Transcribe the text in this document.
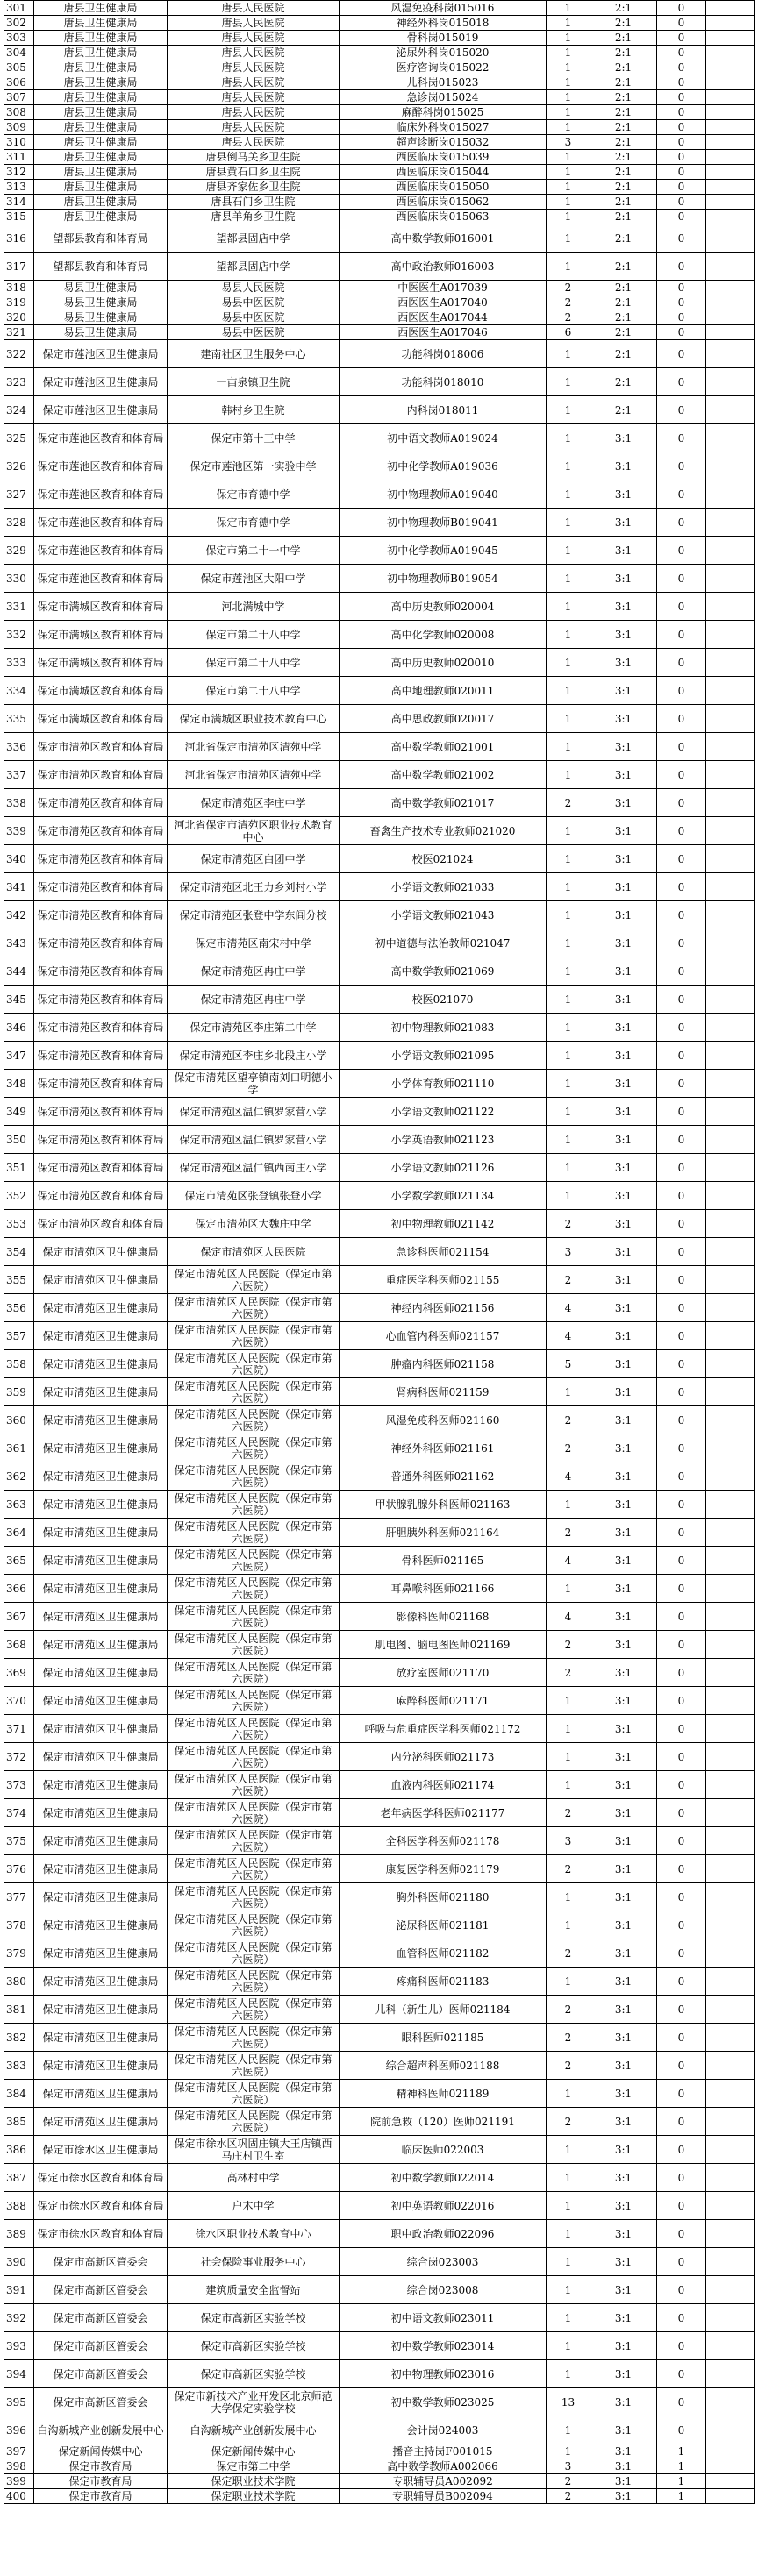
301	唐县卫生健康局	唐县人民医院	风湿免疫科岗015016	1	2:1	0	
302	唐县卫生健康局	唐县人民医院	神经外科岗015018	1	2:1	0	
303	唐县卫生健康局	唐县人民医院	骨科岗015019	1	2:1	0	
304	唐县卫生健康局	唐县人民医院	泌尿外科岗015020	1	2:1	0	
305	唐县卫生健康局	唐县人民医院	医疗咨询岗015022	1	2:1	0	
306	唐县卫生健康局	唐县人民医院	儿科岗015023	1	2:1	0	
307	唐县卫生健康局	唐县人民医院	急诊岗015024	1	2:1	0	
308	唐县卫生健康局	唐县人民医院	麻醉科岗015025	1	2:1	0	
309	唐县卫生健康局	唐县人民医院	临床外科岗015027	1	2:1	0	
310	唐县卫生健康局	唐县人民医院	超声诊断岗015032	3	2:1	0	
311	唐县卫生健康局	唐县倒马关乡卫生院	西医临床岗015039	1	2:1	0	
312	唐县卫生健康局	唐县黄石口乡卫生院	西医临床岗015044	1	2:1	0	
313	唐县卫生健康局	唐县齐家佐乡卫生院	西医临床岗015050	1	2:1	0	
314	唐县卫生健康局	唐县石门乡卫生院	西医临床岗015062	1	2:1	0	
315	唐县卫生健康局	唐县羊角乡卫生院	西医临床岗015063	1	2:1	0	
316	望都县教育和体育局	望都县固店中学	高中数学教师016001	1	2:1	0	
317	望都县教育和体育局	望都县固店中学	高中政治教师016003	1	2:1	0	
318	易县卫生健康局	易县人民医院	中医医生A017039	2	2:1	0	
319	易县卫生健康局	易县中医医院	西医医生A017040	2	2:1	0	
320	易县卫生健康局	易县中医医院	西医医生A017044	2	2:1	0	
321	易县卫生健康局	易县中医医院	西医医生A017046	6	2:1	0	
322	保定市莲池区卫生健康局	建南社区卫生服务中心	功能科岗018006	1	2:1	0	
323	保定市莲池区卫生健康局	一亩泉镇卫生院	功能科岗018010	1	2:1	0	
324	保定市莲池区卫生健康局	韩村乡卫生院	内科岗018011	1	2:1	0	
325	保定市莲池区教育和体育局	保定市第十三中学	初中语文教师A019024	1	3:1	0	
326	保定市莲池区教育和体育局	保定市莲池区第一实验中学	初中化学教师A019036	1	3:1	0	
327	保定市莲池区教育和体育局	保定市育德中学	初中物理教师A019040	1	3:1	0	
328	保定市莲池区教育和体育局	保定市育德中学	初中物理教师B019041	1	3:1	0	
329	保定市莲池区教育和体育局	保定市第二十一中学	初中化学教师A019045	1	3:1	0	
330	保定市莲池区教育和体育局	保定市莲池区大阳中学	初中物理教师B019054	1	3:1	0	
331	保定市满城区教育和体育局	河北满城中学	高中历史教师020004	1	3:1	0	
332	保定市满城区教育和体育局	保定市第二十八中学	高中化学教师020008	1	3:1	0	
333	保定市满城区教育和体育局	保定市第二十八中学	高中历史教师020010	1	3:1	0	
334	保定市满城区教育和体育局	保定市第二十八中学	高中地理教师020011	1	3:1	0	
335	保定市满城区教育和体育局	保定市满城区职业技术教育中心	高中思政教师020017	1	3:1	0	
336	保定市清苑区教育和体育局	河北省保定市清苑区清苑中学	高中数学教师021001	1	3:1	0	
337	保定市清苑区教育和体育局	河北省保定市清苑区清苑中学	高中数学教师021002	1	3:1	0	
338	保定市清苑区教育和体育局	保定市清苑区李庄中学	高中数学教师021017	2	3:1	0	
339	保定市清苑区教育和体育局	河北省保定市清苑区职业技术教育中心	畜禽生产技术专业教师021020	1	3:1	0	
340	保定市清苑区教育和体育局	保定市清苑区白团中学	校医021024	1	3:1	0	
341	保定市清苑区教育和体育局	保定市清苑区北王力乡刘村小学	小学语文教师021033	1	3:1	0	
342	保定市清苑区教育和体育局	保定市清苑区张登中学东闾分校	小学语文教师021043	1	3:1	0	
343	保定市清苑区教育和体育局	保定市清苑区南宋村中学	初中道德与法治教师021047	1	3:1	0	
344	保定市清苑区教育和体育局	保定市清苑区冉庄中学	高中数学教师021069	1	3:1	0	
345	保定市清苑区教育和体育局	保定市清苑区冉庄中学	校医021070	1	3:1	0	
346	保定市清苑区教育和体育局	保定市清苑区李庄第二中学	初中物理教师021083	1	3:1	0	
347	保定市清苑区教育和体育局	保定市清苑区李庄乡北段庄小学	小学语文教师021095	1	3:1	0	
348	保定市清苑区教育和体育局	保定市清苑区望亭镇南刘口明德小学	小学体育教师021110	1	3:1	0	
349	保定市清苑区教育和体育局	保定市清苑区温仁镇罗家营小学	小学语文教师021122	1	3:1	0	
350	保定市清苑区教育和体育局	保定市清苑区温仁镇罗家营小学	小学英语教师021123	1	3:1	0	
351	保定市清苑区教育和体育局	保定市清苑区温仁镇西南庄小学	小学语文教师021126	1	3:1	0	
352	保定市清苑区教育和体育局	保定市清苑区张登镇张登小学	小学数学教师021134	1	3:1	0	
353	保定市清苑区教育和体育局	保定市清苑区大魏庄中学	初中物理教师021142	2	3:1	0	
354	保定市清苑区卫生健康局	保定市清苑区人民医院	急诊科医师021154	3	3:1	0	
355	保定市清苑区卫生健康局	保定市清苑区人民医院（保定市第六医院）	重症医学科医师021155	2	3:1	0	
356	保定市清苑区卫生健康局	保定市清苑区人民医院（保定市第六医院）	神经内科医师021156	4	3:1	0	
357	保定市清苑区卫生健康局	保定市清苑区人民医院（保定市第六医院）	心血管内科医师021157	4	3:1	0	
358	保定市清苑区卫生健康局	保定市清苑区人民医院（保定市第六医院）	肿瘤内科医师021158	5	3:1	0	
359	保定市清苑区卫生健康局	保定市清苑区人民医院（保定市第六医院）	肾病科医师021159	1	3:1	0	
360	保定市清苑区卫生健康局	保定市清苑区人民医院（保定市第六医院）	风湿免疫科医师021160	2	3:1	0	
361	保定市清苑区卫生健康局	保定市清苑区人民医院（保定市第六医院）	神经外科医师021161	2	3:1	0	
362	保定市清苑区卫生健康局	保定市清苑区人民医院（保定市第六医院）	普通外科医师021162	4	3:1	0	
363	保定市清苑区卫生健康局	保定市清苑区人民医院（保定市第六医院）	甲状腺乳腺外科医师021163	1	3:1	0	
364	保定市清苑区卫生健康局	保定市清苑区人民医院（保定市第六医院）	肝胆胰外科医师021164	2	3:1	0	
365	保定市清苑区卫生健康局	保定市清苑区人民医院（保定市第六医院）	骨科医师021165	4	3:1	0	
366	保定市清苑区卫生健康局	保定市清苑区人民医院（保定市第六医院）	耳鼻喉科医师021166	1	3:1	0	
367	保定市清苑区卫生健康局	保定市清苑区人民医院（保定市第六医院）	影像科医师021168	4	3:1	0	
368	保定市清苑区卫生健康局	保定市清苑区人民医院（保定市第六医院）	肌电图、脑电图医师021169	2	3:1	0	
369	保定市清苑区卫生健康局	保定市清苑区人民医院（保定市第六医院）	放疗室医师021170	2	3:1	0	
370	保定市清苑区卫生健康局	保定市清苑区人民医院（保定市第六医院）	麻醉科医师021171	1	3:1	0	
371	保定市清苑区卫生健康局	保定市清苑区人民医院（保定市第六医院）	呼吸与危重症医学科医师021172	1	3:1	0	
372	保定市清苑区卫生健康局	保定市清苑区人民医院（保定市第六医院）	内分泌科医师021173	1	3:1	0	
373	保定市清苑区卫生健康局	保定市清苑区人民医院（保定市第六医院）	血液内科医师021174	1	3:1	0	
374	保定市清苑区卫生健康局	保定市清苑区人民医院（保定市第六医院）	老年病医学科医师021177	2	3:1	0	
375	保定市清苑区卫生健康局	保定市清苑区人民医院（保定市第六医院）	全科医学科医师021178	3	3:1	0	
376	保定市清苑区卫生健康局	保定市清苑区人民医院（保定市第六医院）	康复医学科医师021179	2	3:1	0	
377	保定市清苑区卫生健康局	保定市清苑区人民医院（保定市第六医院）	胸外科医师021180	1	3:1	0	
378	保定市清苑区卫生健康局	保定市清苑区人民医院（保定市第六医院）	泌尿科医师021181	1	3:1	0	
379	保定市清苑区卫生健康局	保定市清苑区人民医院（保定市第六医院）	血管科医师021182	2	3:1	0	
380	保定市清苑区卫生健康局	保定市清苑区人民医院（保定市第六医院）	疼痛科医师021183	1	3:1	0	
381	保定市清苑区卫生健康局	保定市清苑区人民医院（保定市第六医院）	儿科（新生儿）医师021184	2	3:1	0	
382	保定市清苑区卫生健康局	保定市清苑区人民医院（保定市第六医院）	眼科医师021185	2	3:1	0	
383	保定市清苑区卫生健康局	保定市清苑区人民医院（保定市第六医院）	综合超声科医师021188	2	3:1	0	
384	保定市清苑区卫生健康局	保定市清苑区人民医院（保定市第六医院）	精神科医师021189	1	3:1	0	
385	保定市清苑区卫生健康局	保定市清苑区人民医院（保定市第六医院）	院前急救（120）医师021191	2	3:1	0	
386	保定市徐水区卫生健康局	保定市徐水区巩固庄镇大王店镇西马庄村卫生室	临床医师022003	1	3:1	0	
387	保定市徐水区教育和体育局	高林村中学	初中数学教师022014	1	3:1	0	
388	保定市徐水区教育和体育局	户木中学	初中英语教师022016	1	3:1	0	
389	保定市徐水区教育和体育局	徐水区职业技术教育中心	职中政治教师022096	1	3:1	0	
390	保定市高新区管委会	社会保险事业服务中心	综合岗023003	1	3:1	0	
391	保定市高新区管委会	建筑质量安全监督站	综合岗023008	1	3:1	0	
392	保定市高新区管委会	保定市高新区实验学校	初中语文教师023011	1	3:1	0	
393	保定市高新区管委会	保定市高新区实验学校	初中数学教师023014	1	3:1	0	
394	保定市高新区管委会	保定市高新区实验学校	初中物理教师023016	1	3:1	0	
395	保定市高新区管委会	保定市新技术产业开发区北京师范大学保定实验学校	初中数学教师023025	13	3:1	0	
396	白沟新城产业创新发展中心	白沟新城产业创新发展中心	会计岗024003	1	3:1	0	
397	保定新闻传媒中心	保定新闻传媒中心	播音主持岗F001015	1	3:1	1	
398	保定市教育局	保定市第二中学	高中数学教师A002066	3	3:1	1	
399	保定市教育局	保定职业技术学院	专职辅导员A002092	2	3:1	1	
400	保定市教育局	保定职业技术学院	专职辅导员B002094	2	3:1	1	
